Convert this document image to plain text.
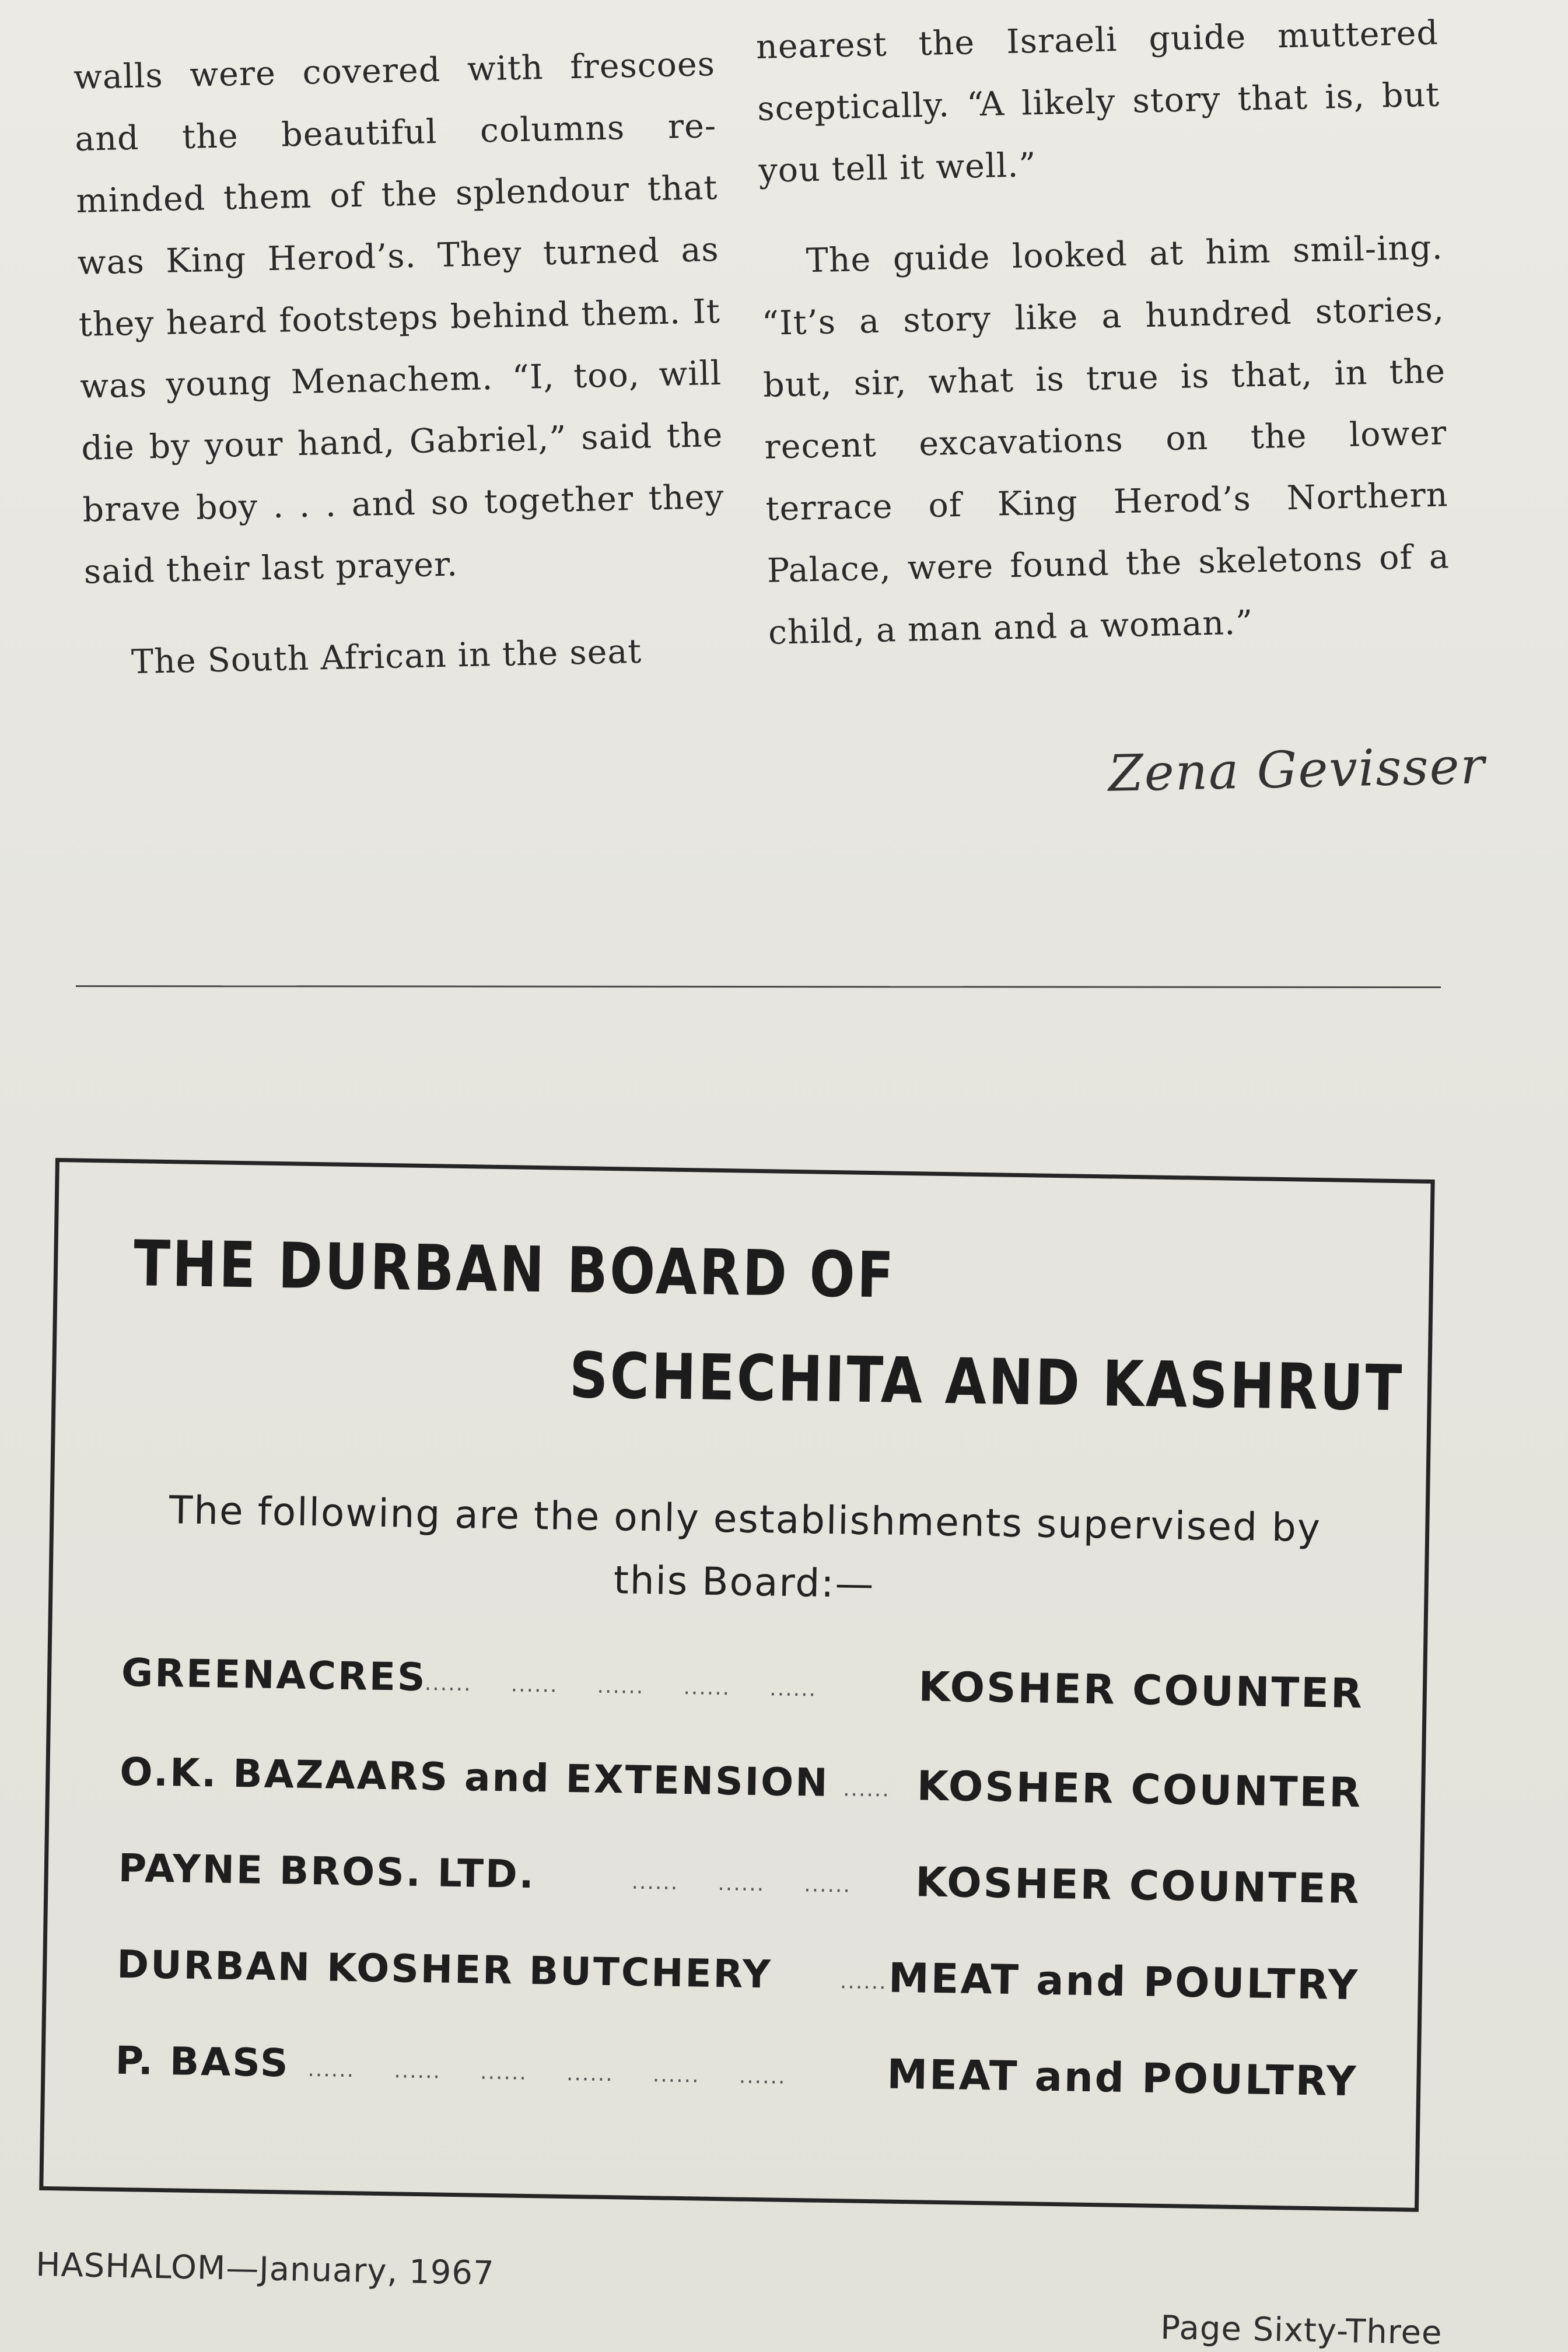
walls were covered with frescoes and the beautiful columns re-minded them of the splendour that was King Herod’s. They turned as they heard footsteps behind them. It was young Menachem. “I, too, will die by your hand, Gabriel,” said the brave boy . . . and so together they said their last prayer.

The South African in the seat

nearest the Israeli guide muttered sceptically. “A likely story that is, but you tell it well.”

The guide looked at him smil-ing. “It’s a story like a hundred stories, but, sir, what is true is that, in the recent excavations on the lower terrace of King Herod’s Northern Palace, were found the skeletons of a child, a man and a woman.”

Zena Gevisser
THE DURBAN BOARD OF
SCHECHITA AND KASHRUT
The following are the only establishments supervised by
this Board:—
GREENACRES
......     ......     ......     ......     ...... KOSHER COUNTER
O.K. BAZAARS and EXTENSION ...... KOSHER COUNTER
PAYNE BROS. LTD.	......     ......     ...... KOSHER COUNTER
DURBAN KOSHER BUTCHERY	...... MEAT and POULTRY
P. BASS ......     ......     ......     ......     ......     ...... MEAT and POULTRY
HASHALOM—January, 1967
Page Sixty-Three
